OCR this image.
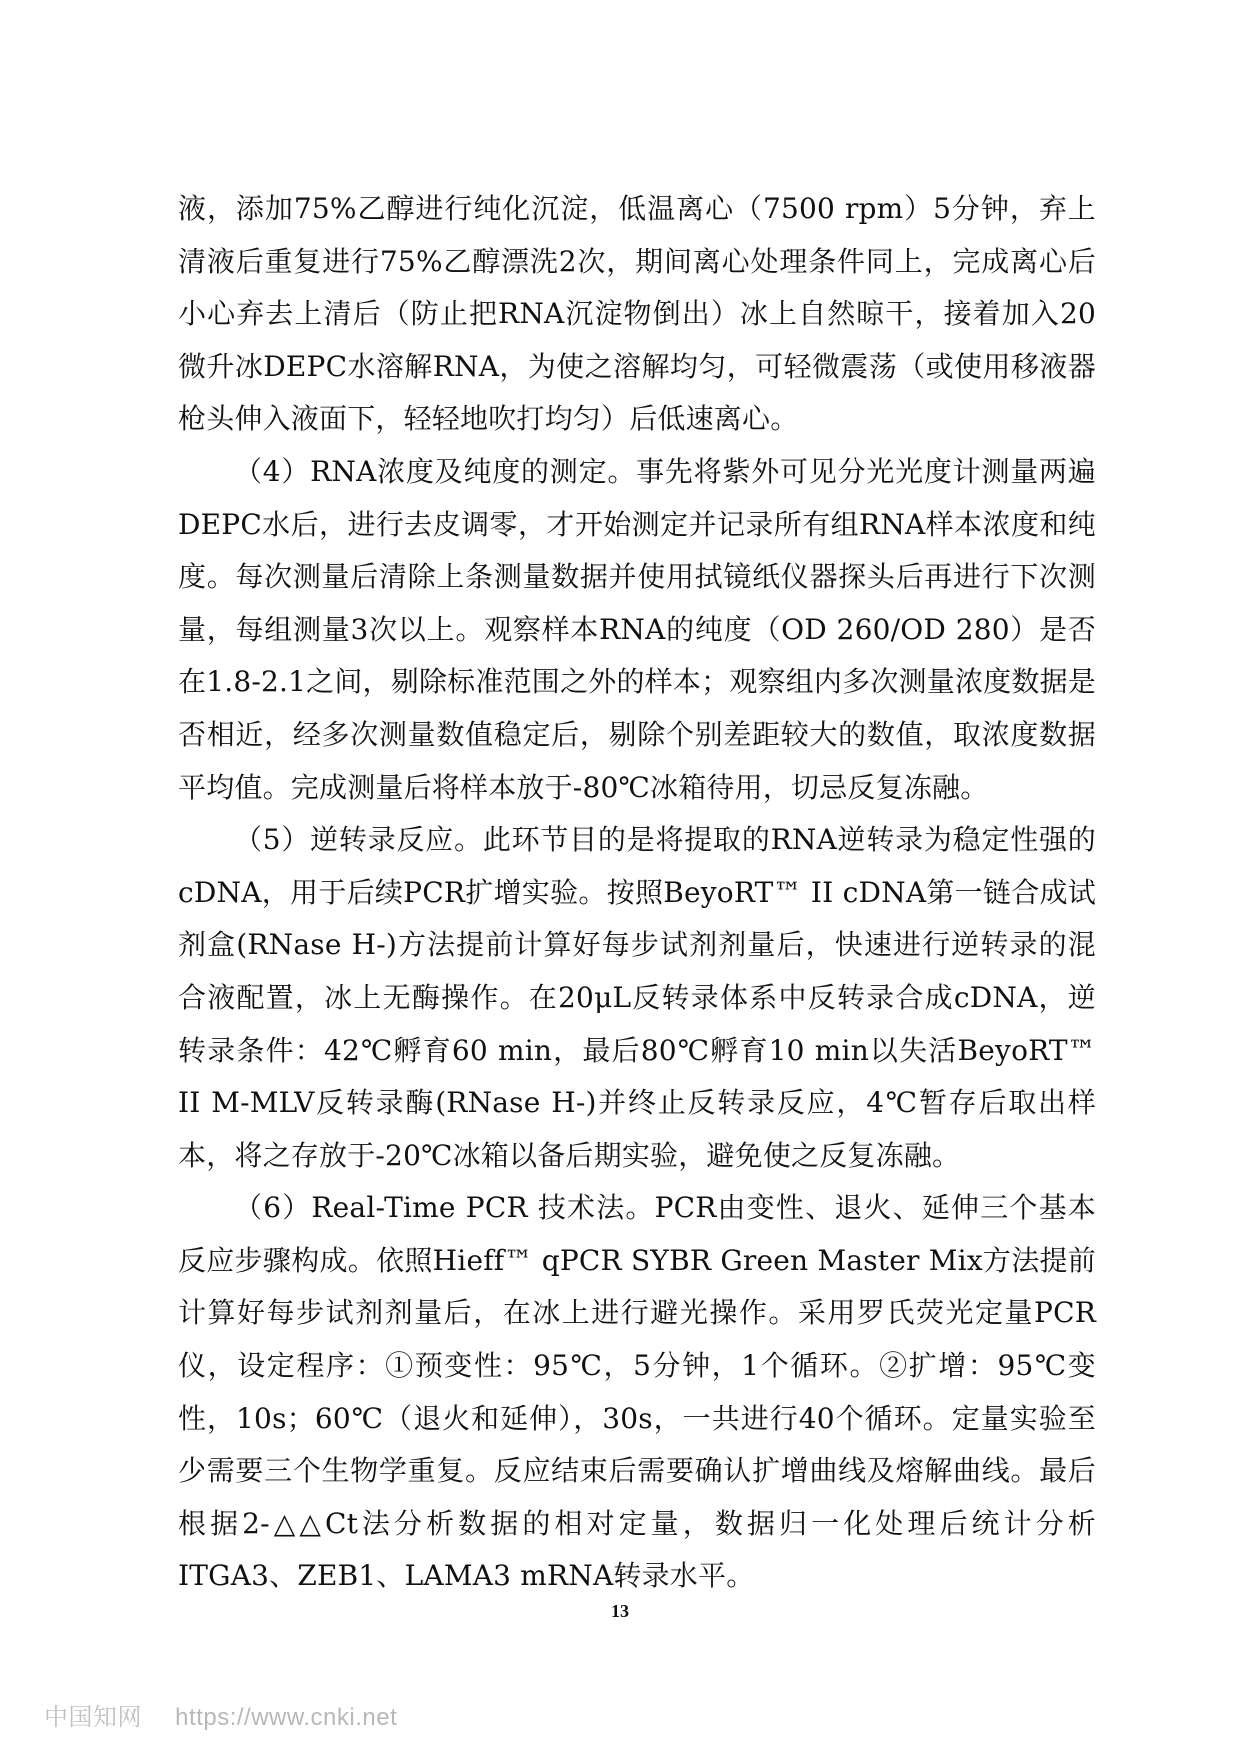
液，添加75%乙醇进行纯化沉淀，低温离心（7500 rpm）5分钟，弃上清液后重复进行75%乙醇漂洗2次，期间离心处理条件同上，完成离心后小心弃去上清后（防止把RNA沉淀物倒出）冰上自然晾干，接着加入20微升冰DEPC水溶解RNA，为使之溶解均匀，可轻微震荡（或使用移液器枪头伸入液面下，轻轻地吹打均匀）后低速离心。

（4）RNA浓度及纯度的测定。事先将紫外可见分光光度计测量两遍DEPC水后，进行去皮调零，才开始测定并记录所有组RNA样本浓度和纯度。每次测量后清除上条测量数据并使用拭镜纸仪器探头后再进行下次测量，每组测量3次以上。观察样本RNA的纯度（OD 260/OD 280）是否在1.8-2.1之间，剔除标准范围之外的样本；观察组内多次测量浓度数据是否相近，经多次测量数值稳定后，剔除个别差距较大的数值，取浓度数据平均值。完成测量后将样本放于-80℃冰箱待用，切忌反复冻融。

（5）逆转录反应。此环节目的是将提取的RNA逆转录为稳定性强的cDNA，用于后续PCR扩增实验。按照BeyoRT™ II cDNA第一链合成试剂盒(RNase H-)方法提前计算好每步试剂剂量后，快速进行逆转录的混合液配置，冰上无酶操作。在20μL反转录体系中反转录合成cDNA，逆转录条件：42℃孵育60 min，最后80℃孵育10 min以失活BeyoRT™ II M-MLV反转录酶(RNase H-)并终止反转录反应，4℃暂存后取出样本，将之存放于-20℃冰箱以备后期实验，避免使之反复冻融。

（6）Real-Time PCR 技术法。PCR由变性、退火、延伸三个基本反应步骤构成。依照Hieff™ qPCR SYBR Green Master Mix方法提前计算好每步试剂剂量后，在冰上进行避光操作。采用罗氏荧光定量PCR仪，设定程序：①预变性：95℃，5分钟，1个循环。②扩增：95℃变性，10s；60℃（退火和延伸），30s，一共进行40个循环。定量实验至少需要三个生物学重复。反应结束后需要确认扩增曲线及熔解曲线。最后根据2-△△Ct法分析数据的相对定量，数据归一化处理后统计分析ITGA3、ZEB1、LAMA3 mRNA转录水平。

13
中国知网 https://www.cnki.net
